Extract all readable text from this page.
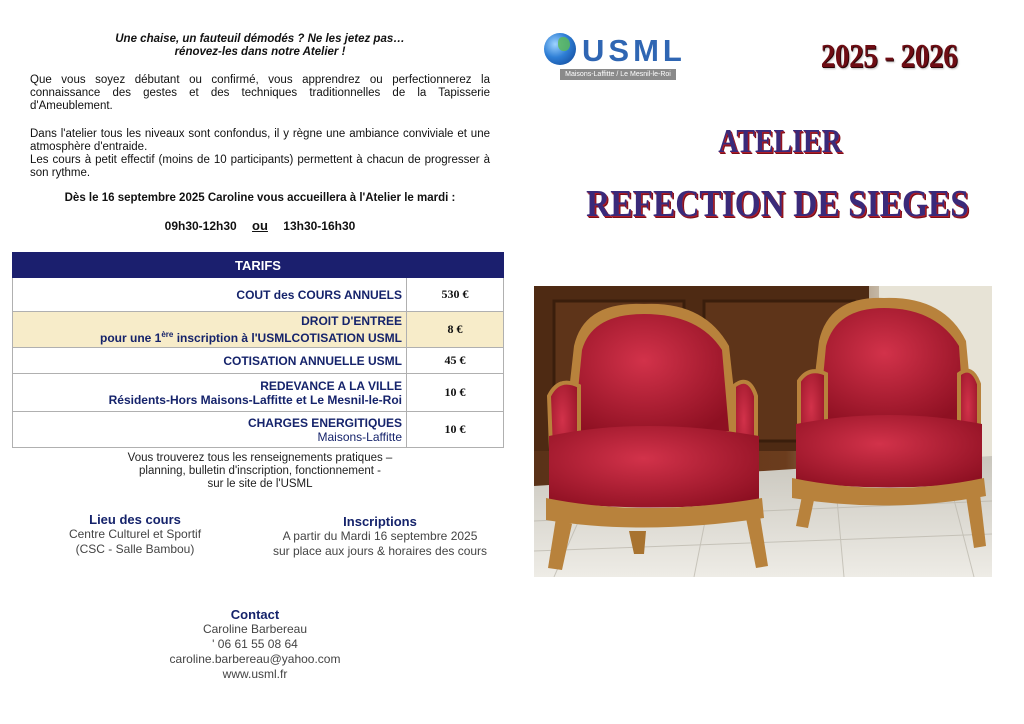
Une chaise, un fauteuil démodés ? Ne les jetez pas…

rénovez-les dans notre Atelier !

Que vous soyez débutant ou confirmé, vous apprendrez ou perfectionnerez la connaissance des gestes et des techniques traditionnelles de la Tapisserie d'Ameublement.

Dans l'atelier tous les niveaux sont confondus, il y règne une ambiance conviviale et une atmosphère d'entraide.

Les cours à petit effectif (moins de 10 participants) permettent à chacun de progresser à son rythme.

Dès le 16 septembre 2025 Caroline vous accueillera à l'Atelier le mardi :
09h30-12h30 ou 13h30-16h30
TARIFS	
COUT des COURS ANNUELS	530 €
DROIT D'ENTREE
pour une 1ère inscription à l'USMLCOTISATION USML	8 €
COTISATION ANNUELLE USML	45 €
REDEVANCE A LA VILLE
Résidents-Hors Maisons-Laffitte et Le Mesnil-le-Roi	10 €
CHARGES ENERGITIQUES
Maisons-Laffitte	10 €
Vous trouverez tous les renseignements pratiques –
planning, bulletin d'inscription, fonctionnement -
sur le site de l'USML
Lieu des cours
Centre Culturel et Sportif
(CSC - Salle Bambou)
Inscriptions
A partir du Mardi 16 septembre 2025
sur place aux jours & horaires des cours
Contact
Caroline Barbereau
' 06 61 55 08 64
caroline.barbereau@yahoo.com
www.usml.fr
USML
Maisons-Laffitte / Le Mesnil-le-Roi	2025 - 2026
ATELIER
REFECTION DE SIEGES
